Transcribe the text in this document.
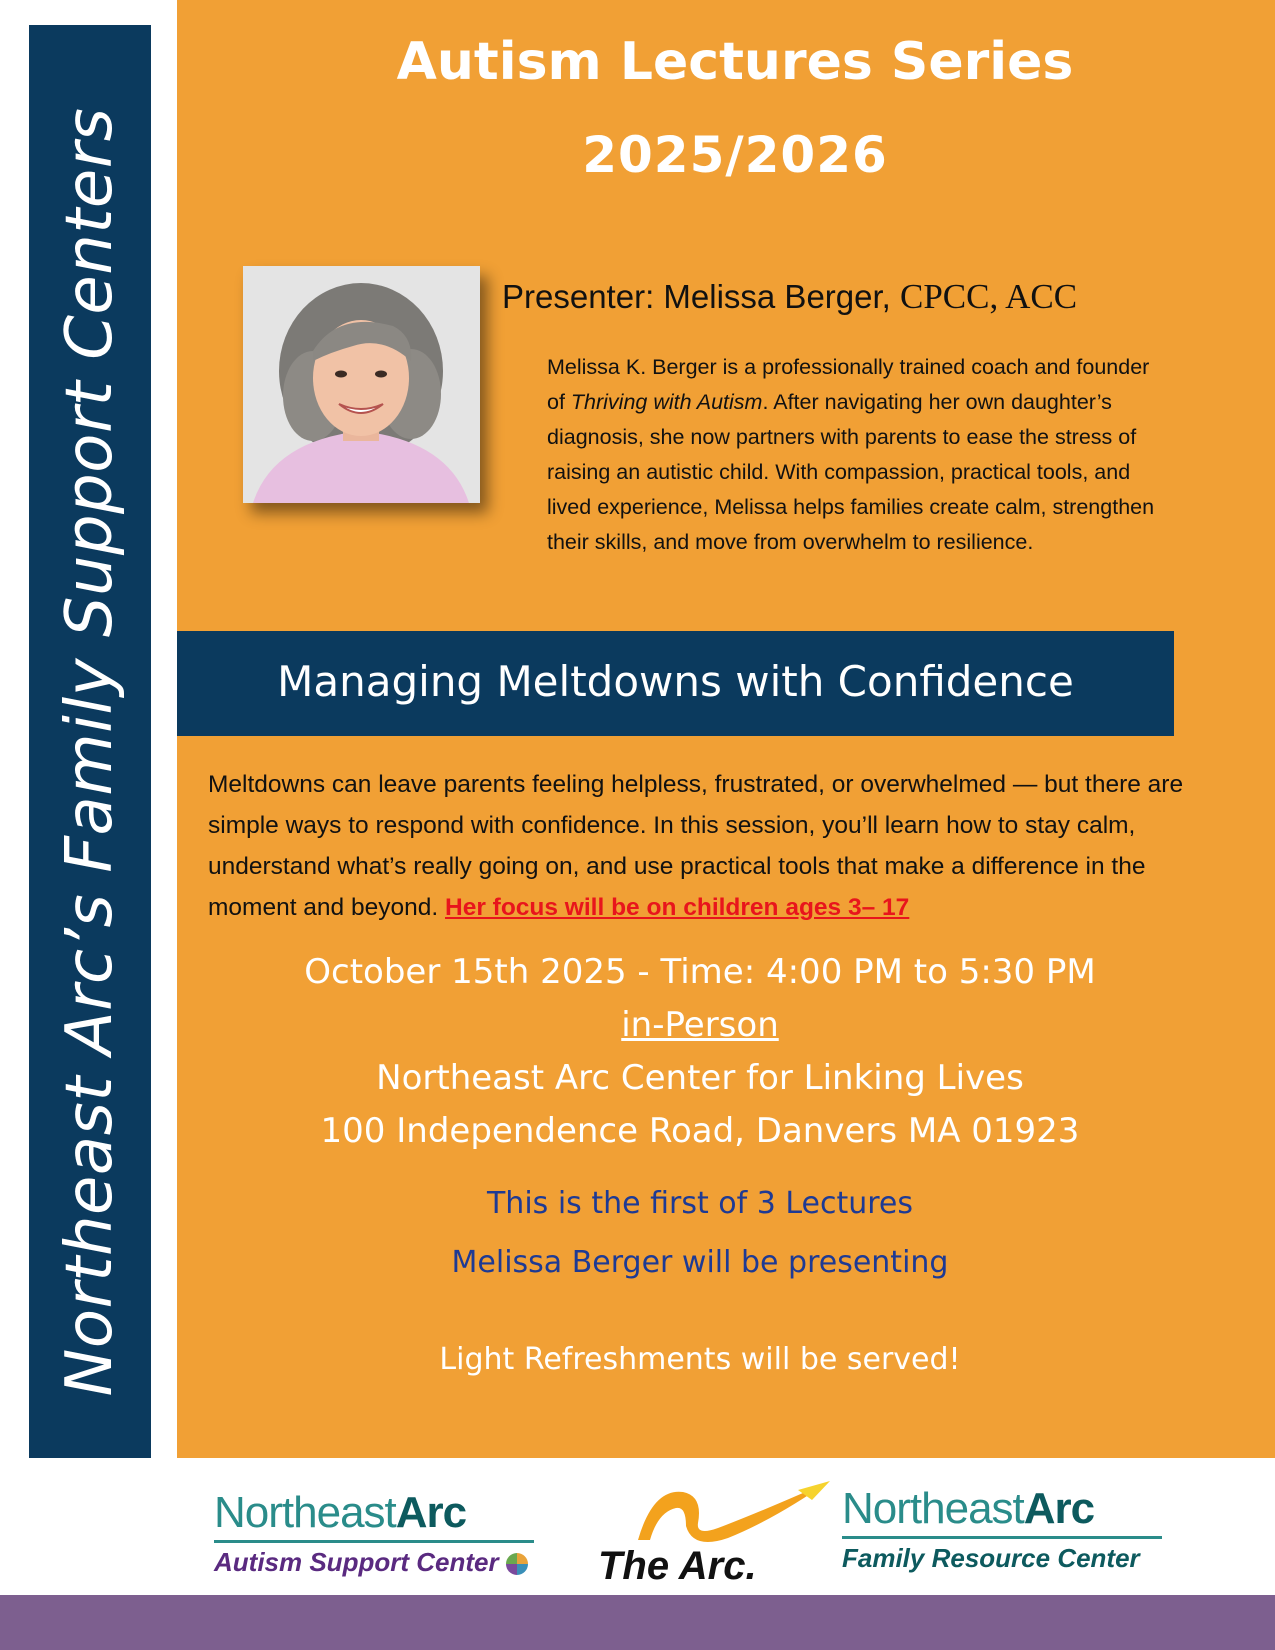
Northeast Arc’s Family Support Centers
Autism Lectures Series
2025/2026
Presenter: Melissa Berger, CPCC, ACC
Melissa K. Berger is a professionally trained coach and founder of Thriving with Autism. After navigating her own daughter’s diagnosis, she now partners with parents to ease the stress of raising an autistic child. With compassion, practical tools, and lived experience, Melissa helps families create calm, strengthen their skills, and move from overwhelm to resilience.
Managing Meltdowns with Confidence
Meltdowns can leave parents feeling helpless, frustrated, or overwhelmed — but there are simple ways to respond with confidence. In this session, you’ll learn how to stay calm, understand what’s really going on, and use practical tools that make a difference in the moment and beyond. Her focus will be on children ages 3– 17
October 15th 2025 - Time: 4:00 PM to 5:30 PM
in-Person
Northeast Arc Center for Linking Lives
100 Independence Road, Danvers MA 01923
This is the first of 3 Lectures
Melissa Berger will be presenting
Light Refreshments will be served!
NortheastArc
Autism Support Center	The Arc.
NortheastArc
Family Resource Center
